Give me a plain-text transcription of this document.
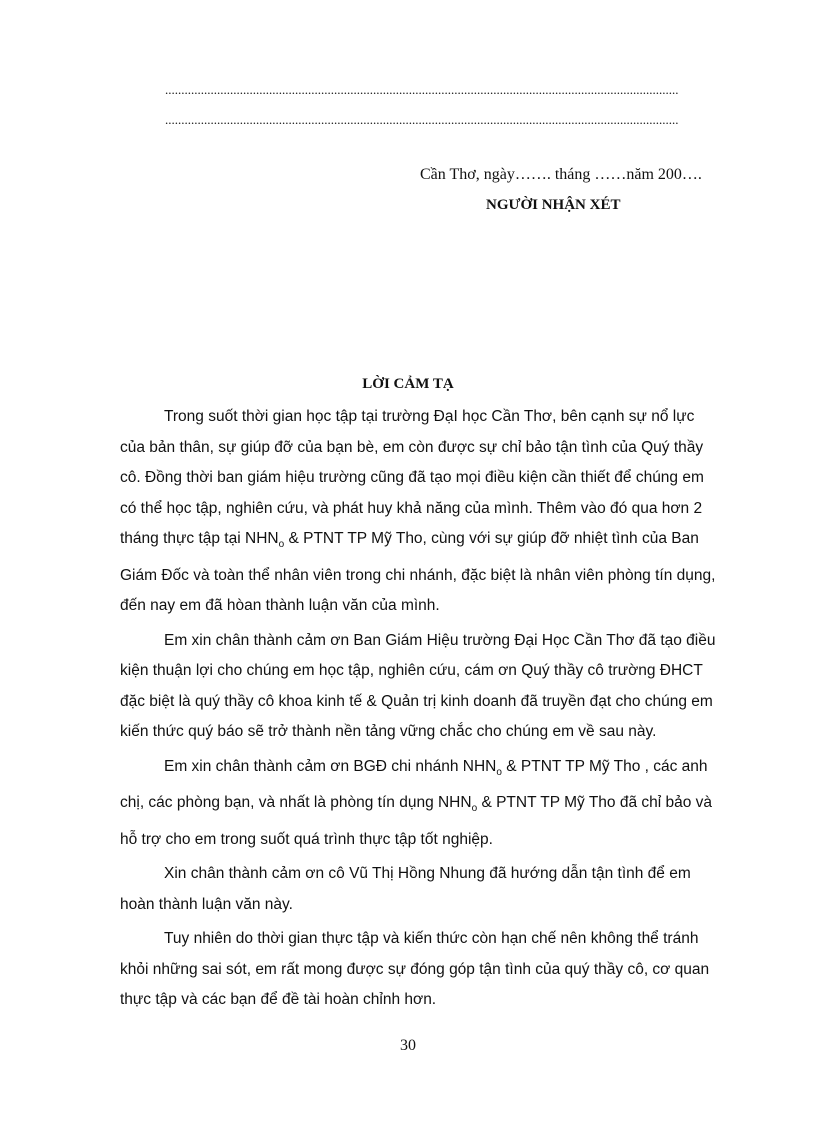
..............................................................................................................................................................
..............................................................................................................................................................
Cần Thơ, ngày……. tháng ……năm 200….
NGƯỜI NHẬN XÉT
LỜI CẢM TẠ

Trong suốt thời gian học tập tại trường ĐạI học Cần Thơ, bên cạnh sự nổ lực của bản thân, sự giúp đỡ của bạn bè, em còn được sự chỉ bảo tận tình của Quý thầy cô. Đồng thời ban giám hiệu trường cũng đã tạo mọi điều kiện cần thiết để chúng em có thể học tập, nghiên cứu, và phát huy khả năng của mình. Thêm vào đó qua hơn 2 tháng thực tập tại $NHN_o$ & PTNT TP Mỹ Tho, cùng với sự giúp đỡ nhiệt tình của Ban Giám Đốc và toàn thể nhân viên trong chi nhánh, đặc biệt là nhân viên phòng tín dụng, đến nay em đã hòan thành luận văn của mình.

Em xin chân thành cảm ơn Ban Giám Hiệu trường Đại Học Cần Thơ đã tạo điều kiện thuận lợi cho chúng em học tập, nghiên cứu, cám ơn Quý thầy cô trường ĐHCT đặc biệt là quý thầy cô khoa kinh tế & Quản trị kinh doanh đã truyền đạt cho chúng em kiến thức quý báo sẽ trở thành nền tảng vững chắc cho chúng em về sau này.

Em xin chân thành cảm ơn BGĐ chi nhánh $NHN_o$ & PTNT TP Mỹ Tho , các anh chị, các phòng bạn, và nhất là phòng tín dụng $NHN_o$ & PTNT TP Mỹ Tho đã chỉ bảo và hỗ trợ cho em trong suốt quá trình thực tập tốt nghiệp.

Xin chân thành cảm ơn cô Vũ Thị Hồng Nhung đã hướng dẫn tận tình để em hoàn thành luận văn này.

Tuy nhiên do thời gian thực tập và kiến thức còn hạn chế nên không thể tránh khỏi những sai sót, em rất mong được sự đóng góp tận tình của quý thầy cô, cơ quan thực tập và các bạn để đề tài hoàn chỉnh hơn.

30
